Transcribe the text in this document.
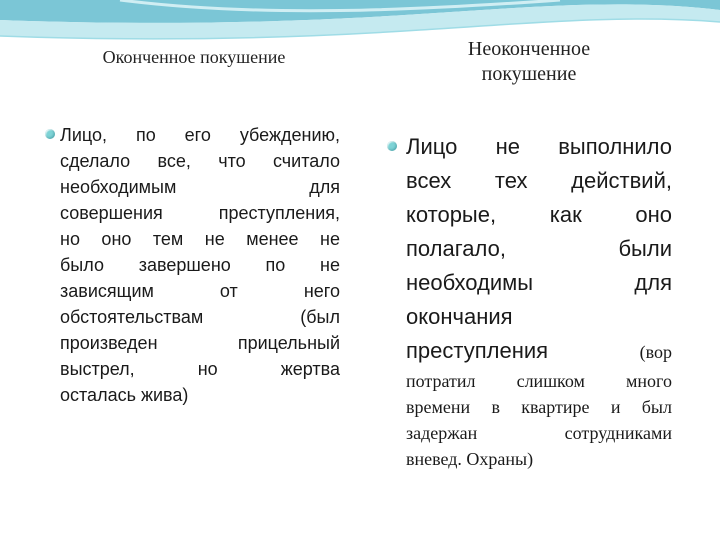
Оконченное покушение
Лицо, по его убеждению,
сделало все, что считало
необходимым для
совершения преступления,
но оно тем не менее не
было завершено по не
зависящим от него
обстоятельствам (был
произведен прицельный
выстрел, но жертва
осталась жива)
Неоконченное
покушение
Лицо не выполнило
всех тех действий,
которые, как оно
полагало, были
необходимы для
окончания
преступления	(вор
потратил слишком много
времени в квартире и был
задержан сотрудниками
вневед. Охраны)
